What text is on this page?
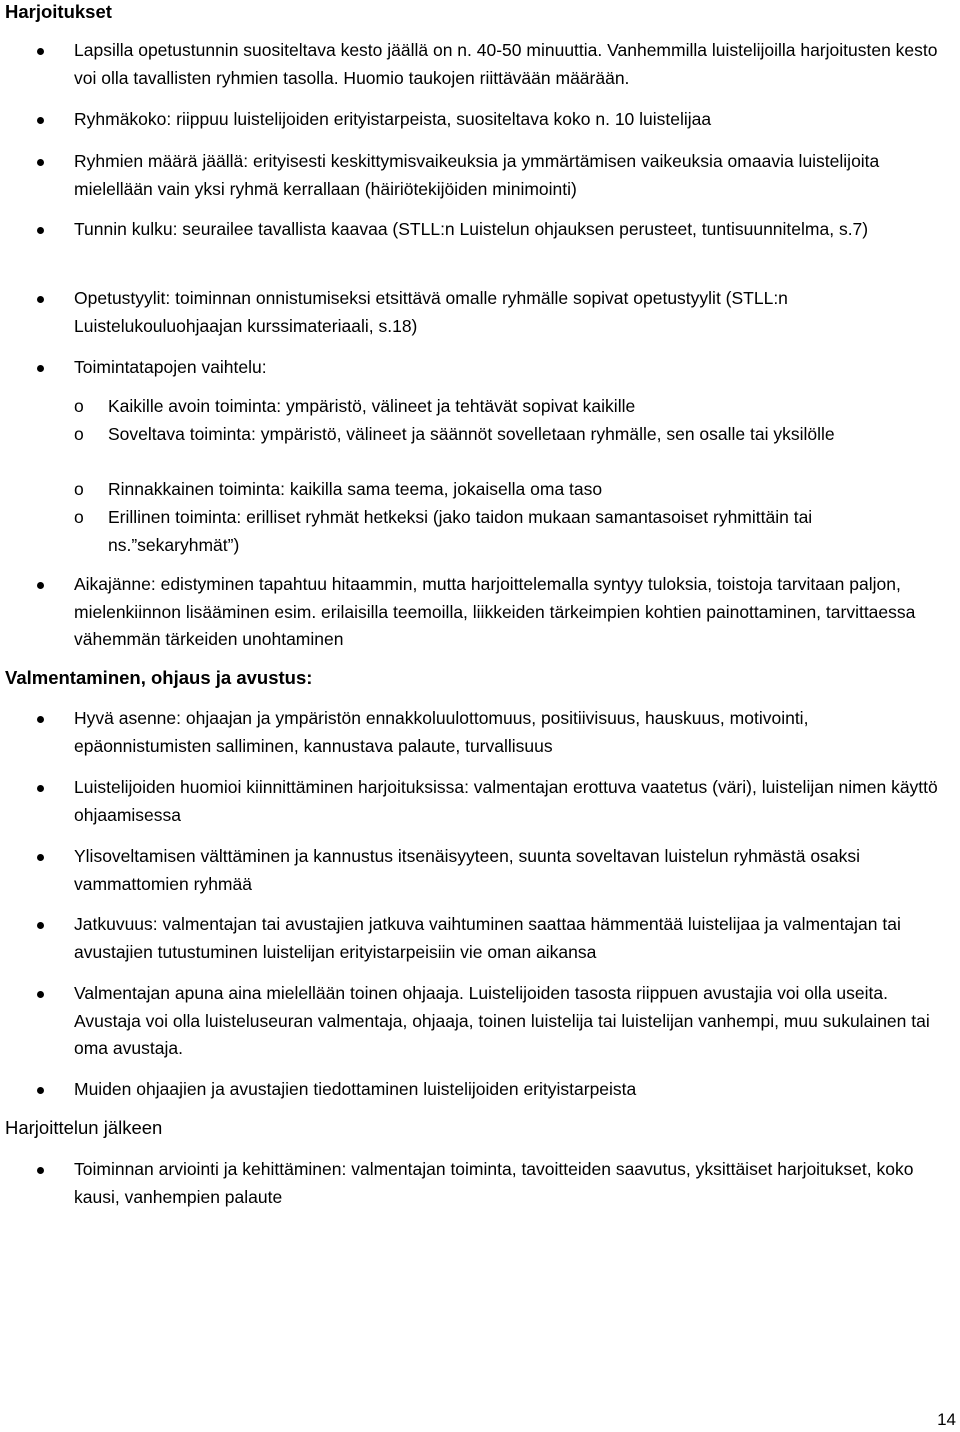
Harjoitukset
Lapsilla opetustunnin suositeltava kesto jäällä on n. 40-50 minuuttia. Vanhemmilla luistelijoilla harjoitusten kesto voi olla tavallisten ryhmien tasolla. Huomio taukojen riittävään määrään.
Ryhmäkoko: riippuu luistelijoiden erityistarpeista, suositeltava koko n. 10 luistelijaa
Ryhmien määrä jäällä: erityisesti keskittymisvaikeuksia ja ymmärtämisen vaikeuksia omaavia luistelijoita mielellään vain yksi ryhmä kerrallaan (häiriötekijöiden minimointi)
Tunnin kulku: seurailee tavallista kaavaa (STLL:n Luistelun ohjauksen perusteet, tuntisuunnitelma, s.7)
Opetustyylit: toiminnan onnistumiseksi etsittävä omalle ryhmälle sopivat opetustyylit (STLL:n Luistelukouluohjaajan kurssimateriaali, s.18)
Toimintatapojen vaihtelu:
o Kaikille avoin toiminta: ympäristö, välineet ja tehtävät sopivat kaikille
o Soveltava toiminta: ympäristö, välineet ja säännöt sovelletaan ryhmälle, sen osalle tai yksilölle
o Rinnakkainen toiminta: kaikilla sama teema, jokaisella oma taso
o Erillinen toiminta: erilliset ryhmät hetkeksi (jako taidon mukaan samantasoiset ryhmittäin tai ns.”sekaryhmät”)
Aikajänne: edistyminen tapahtuu hitaammin, mutta harjoittelemalla syntyy tuloksia, toistoja tarvitaan paljon, mielenkiinnon lisääminen esim. erilaisilla teemoilla, liikkeiden tärkeimpien kohtien painottaminen, tarvittaessa vähemmän tärkeiden unohtaminen
Valmentaminen, ohjaus ja avustus:
Hyvä asenne: ohjaajan ja ympäristön ennakkoluulottomuus, positiivisuus, hauskuus, motivointi, epäonnistumisten salliminen, kannustava palaute, turvallisuus
Luistelijoiden huomioi kiinnittäminen harjoituksissa: valmentajan erottuva vaatetus (väri), luistelijan nimen käyttö ohjaamisessa
Ylisoveltamisen välttäminen ja kannustus itsenäisyyteen, suunta soveltavan luistelun ryhmästä osaksi vammattomien ryhmää
Jatkuvuus: valmentajan tai avustajien jatkuva vaihtuminen saattaa hämmentää luistelijaa ja valmentajan tai avustajien tutustuminen luistelijan erityistarpeisiin vie oman aikansa
Valmentajan apuna aina mielellään toinen ohjaaja. Luistelijoiden tasosta riippuen avustajia voi olla useita. Avustaja voi olla luisteluseuran valmentaja, ohjaaja, toinen luistelija tai luistelijan vanhempi, muu sukulainen tai oma avustaja.
Muiden ohjaajien ja avustajien tiedottaminen luistelijoiden erityistarpeista
Harjoittelun jälkeen
Toiminnan arviointi ja kehittäminen: valmentajan toiminta, tavoitteiden saavutus, yksittäiset harjoitukset, koko kausi, vanhempien palaute
14
